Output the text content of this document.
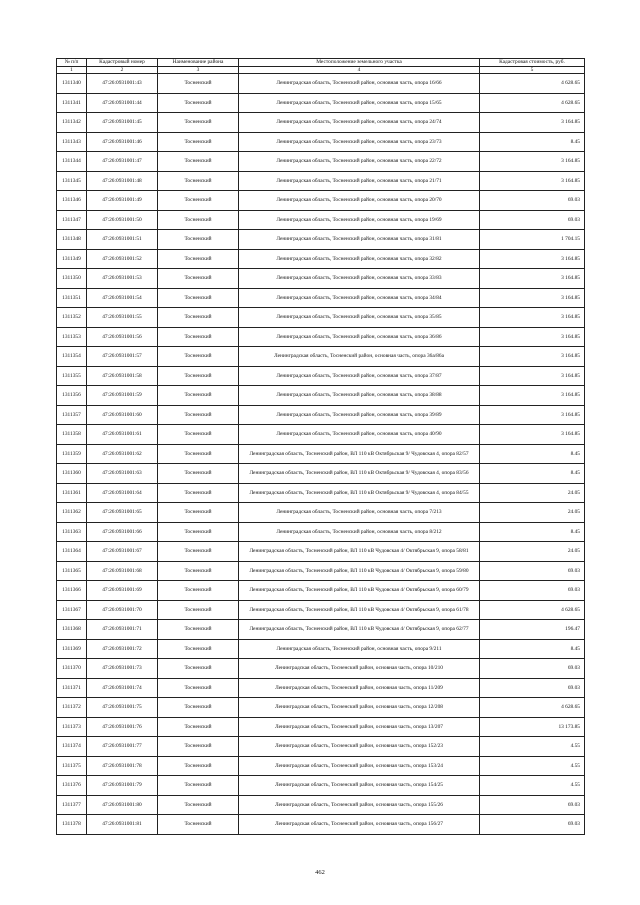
№ п/п	Кадастровый номер	Наименование района	Местоположение земельного участка	Кадастровая стоимость, руб.
1	2	3	4	5
1311340	47:26:0931001:43	Тосненский	Ленинградская область, Тосненский район, основная часть, опора 16/66	4 628.65
1311341	47:26:0931001:44	Тосненский	Ленинградская область, Тосненский район, основная часть, опора 15/65	4 628.65
1311342	47:26:0931001:45	Тосненский	Ленинградская область, Тосненский район, основная часть, опора 24/74	3 164.85
1311343	47:26:0931001:46	Тосненский	Ленинградская область, Тосненский район, основная часть, опора 23/73	8.45
1311344	47:26:0931001:47	Тосненский	Ленинградская область, Тосненский район, основная часть, опора 22/72	3 164.85
1311345	47:26:0931001:48	Тосненский	Ленинградская область, Тосненский район, основная часть, опора 21/71	3 164.85
1311346	47:26:0931001:49	Тосненский	Ленинградская область, Тосненский район, основная часть, опора 20/70	69.03
1311347	47:26:0931001:50	Тосненский	Ленинградская область, Тосненский район, основная часть, опора 19/69	69.03
1311348	47:26:0931001:51	Тосненский	Ленинградская область, Тосненский район, основная часть, опора 31/81	1 704.15
1311349	47:26:0931001:52	Тосненский	Ленинградская область, Тосненский район, основная часть, опора 32/82	3 164.85
1311350	47:26:0931001:53	Тосненский	Ленинградская область, Тосненский район, основная часть, опора 33/83	3 164.85
1311351	47:26:0931001:54	Тосненский	Ленинградская область, Тосненский район, основная часть, опора 34/84	3 164.85
1311352	47:26:0931001:55	Тосненский	Ленинградская область, Тосненский район, основная часть, опора 35/85	3 164.85
1311353	47:26:0931001:56	Тосненский	Ленинградская область, Тосненский район, основная часть, опора 36/86	3 164.85
1311354	47:26:0931001:57	Тосненский	Ленинградская область, Тосненский район, основная часть, опора 36а/86а	3 164.85
1311355	47:26:0931001:58	Тосненский	Ленинградская область, Тосненский район, основная часть, опора 37/87	3 164.85
1311356	47:26:0931001:59	Тосненский	Ленинградская область, Тосненский район, основная часть, опора 38/88	3 164.85
1311357	47:26:0931001:60	Тосненский	Ленинградская область, Тосненский район, основная часть, опора 39/89	3 164.85
1311358	47:26:0931001:61	Тосненский	Ленинградская область, Тосненский район, основная часть, опора 40/90	3 164.85
1311359	47:26:0931001:62	Тосненский	Ленинградская область, Тосненский район, ВЛ 110 кВ Октябрьская 9/ Чудовская 4, опора 82/57	8.45
1311360	47:26:0931001:63	Тосненский	Ленинградская область, Тосненский район, ВЛ 110 кВ Октябрьская 9/ Чудовская 4, опора 83/56	8.45
1311361	47:26:0931001:64	Тосненский	Ленинградская область, Тосненский район, ВЛ 110 кВ Октябрьская 9/ Чудовская 4, опора 84/55	24.05
1311362	47:26:0931001:65	Тосненский	Ленинградская область, Тосненский район, основная часть, опора 7/213	24.05
1311363	47:26:0931001:66	Тосненский	Ленинградская область, Тосненский район, основная часть, опора 8/212	8.45
1311364	47:26:0931001:67	Тосненский	Ленинградская область, Тосненский район, ВЛ 110 кВ Чудовская 4/ Октябрьская 9, опора 58/81	24.05
1311365	47:26:0931001:68	Тосненский	Ленинградская область, Тосненский район, ВЛ 110 кВ Чудовская 4/ Октябрьская 9, опора 59/80	69.03
1311366	47:26:0931001:69	Тосненский	Ленинградская область, Тосненский район, ВЛ 110 кВ Чудовская 4/ Октябрьская 9, опора 60/79	69.03
1311367	47:26:0931001:70	Тосненский	Ленинградская область, Тосненский район, ВЛ 110 кВ Чудовская 4/ Октябрьская 9, опора 61/78	4 628.65
1311368	47:26:0931001:71	Тосненский	Ленинградская область, Тосненский район, ВЛ 110 кВ Чудовская 4/ Октябрьская 9, опора 62/77	196.47
1311369	47:26:0931001:72	Тосненский	Ленинградская область, Тосненский район, основная часть, опора 9/211	8.45
1311370	47:26:0931001:73	Тосненский	Ленинградская область, Тосненский район, основная часть, опора 10/210	69.03
1311371	47:26:0931001:74	Тосненский	Ленинградская область, Тосненский район, основная часть, опора 11/209	69.03
1311372	47:26:0931001:75	Тосненский	Ленинградская область, Тосненский район, основная часть, опора 12/208	4 628.65
1311373	47:26:0931001:76	Тосненский	Ленинградская область, Тосненский район, основная часть, опора 13/207	13 173.85
1311374	47:26:0931001:77	Тосненский	Ленинградская область, Тосненский район, основная часть, опора 152/23	4.55
1311375	47:26:0931001:78	Тосненский	Ленинградская область, Тосненский район, основная часть, опора 153/24	4.55
1311376	47:26:0931001:79	Тосненский	Ленинградская область, Тосненский район, основная часть, опора 154/25	4.55
1311377	47:26:0931001:80	Тосненский	Ленинградская область, Тосненский район, основная часть, опора 155/26	69.03
1311378	47:26:0931001:81	Тосненский	Ленинградская область, Тосненский район, основная часть, опора 156/27	69.03
462
